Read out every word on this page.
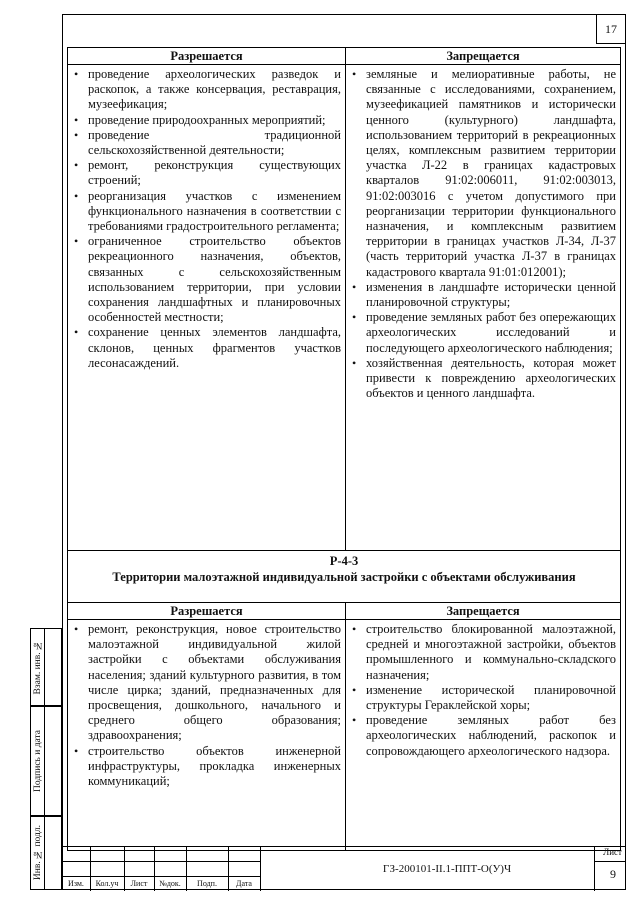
17
Разрешается
• проведение археологических разведок и раскопок, а также консервация, реставрация, музеефикация;
• проведение природоохранных мероприятий;
• проведение традиционной сельскохозяйственной деятельности;
• ремонт, реконструкция существующих строений;
• реорганизация участков с изменением функционального назначения в соответствии с требованиями градостроительного регламента;
• ограниченное строительство объектов рекреационного назначения, объектов, связанных с сельскохозяйственным использованием территории, при условии сохранения ландшафтных и планировочных особенностей местности;
• сохранение ценных элементов ландшафта, склонов, ценных фрагментов участков лесонасаждений.
Запрещается
• земляные и мелиоративные работы, не связанные с исследованиями, сохранением, музеефикацией памятников и исторически ценного (культурного) ландшафта, использованием территорий в рекреационных целях, комплексным развитием территории участка Л-22 в границах кадастровых кварталов 91:02:006011, 91:02:003013, 91:02:003016 с учетом допустимого при реорганизации территории функционального назначения, и комплексным развитием территории в границах участков Л-34, Л-37 (часть территорий участка Л-37 в границах кадастрового квартала 91:01:012001);
• изменения в ландшафте исторически ценной планировочной структуры;
• проведение земляных работ без опережающих археологических исследований и последующего археологического наблюдения;
• хозяйственная деятельность, которая может привести к повреждению археологических объектов и ценного ландшафта.
Р-4-3
Территории малоэтажной индивидуальной застройки с объектами обслуживания
Разрешается
• ремонт, реконструкция, новое строительство малоэтажной индивидуальной жилой застройки с объектами обслуживания населения; зданий культурного развития, в том числе цирка; зданий, предназначенных для просвещения, дошкольного, начального и среднего общего образования; здравоохранения;
• строительство объектов инженерной инфраструктуры, прокладка инженерных коммуникаций;
Запрещается
• строительство блокированной малоэтажной, средней и многоэтажной застройки, объектов промышленного и коммунально-складского назначения;
• изменение исторической планировочной структуры Гераклейской хоры;
• проведение земляных работ без археологических наблюдений, раскопок и сопровождающего археологического надзора.
Взам. инв. №
Подпись и дата
Инв. № подл.
Изм.	Кол.уч	Лист	№док.	Подп.	Дата
ГЗ-200101-II.1-ППТ-О(У)Ч
Лист
9
